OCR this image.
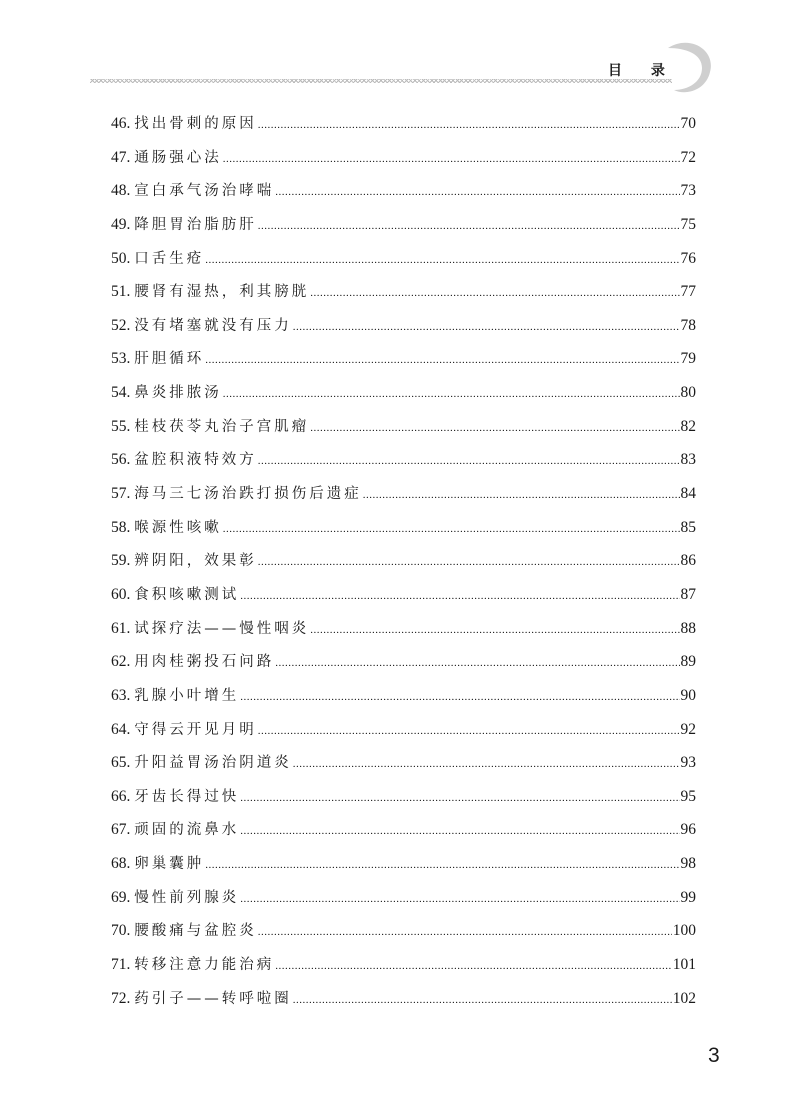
目 录
46 . 找出骨刺的原因 .....	70
47 . 通肠强心法 .....	72
48 . 宣白承气汤治哮喘 .....	73
49 . 降胆胃治脂肪肝 .....	75
50 . 口舌生疮 .....	76
51 . 腰肾有湿热，利其膀胱 .....	77
52 . 没有堵塞就没有压力 .....	78
53 . 肝胆循环 .....	79
54 . 鼻炎排脓汤 .....	80
55 . 桂枝茯苓丸治子宫肌瘤 .....	82
56 . 盆腔积液特效方 .....	83
57 . 海马三七汤治跌打损伤后遗症 .....	84
58 . 喉源性咳嗽 .....	85
59 . 辨阴阳，效果彰 .....	86
60 . 食积咳嗽测试 .....	87
61 . 试探疗法——慢性咽炎 .....	88
62 . 用肉桂粥投石问路 .....	89
63 . 乳腺小叶增生 .....	90
64 . 守得云开见月明 .....	92
65 . 升阳益胃汤治阴道炎 .....	93
66 . 牙齿长得过快 .....	95
67 . 顽固的流鼻水 .....	96
68 . 卵巢囊肿 .....	98
69 . 慢性前列腺炎 .....	99
70 . 腰酸痛与盆腔炎 .....	100
71 . 转移注意力能治病 .....	101
72 . 药引子——转呼啦圈 .....	102
3
